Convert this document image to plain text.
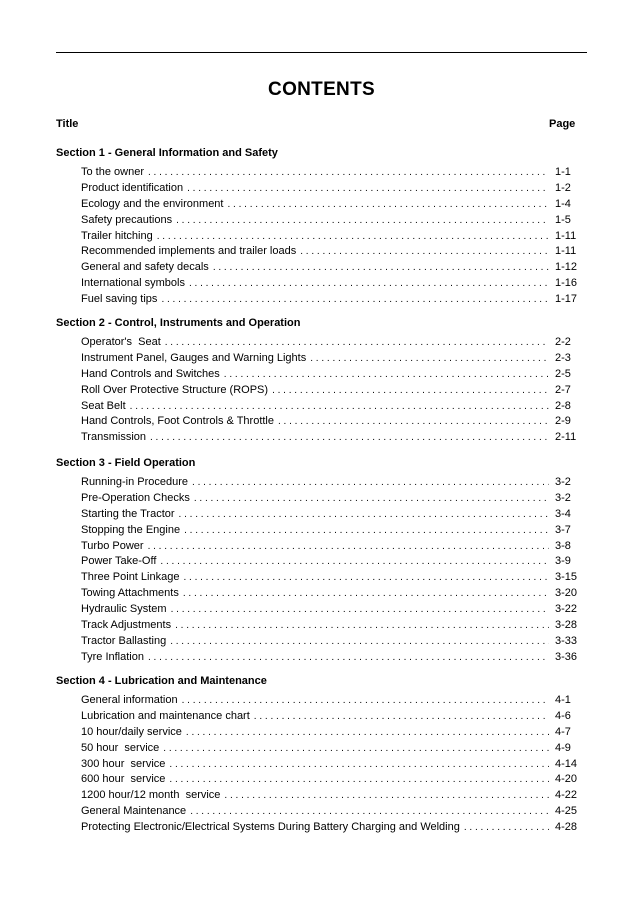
CONTENTS
Title	Page
Section 1 - General Information and Safety
To the owner . . .	1-1
Product identification . . .	1-2
Ecology and the environment . . .	1-4
Safety precautions . . .	1-5
Trailer hitching . . .	1-11
Recommended implements and trailer loads . . .	1-11
General and safety decals . . .	1-12
International symbols . . .	1-16
Fuel saving tips . . .	1-17
Section 2 - Control, Instruments and Operation
Operator's  Seat . . .	2-2
Instrument Panel, Gauges and Warning Lights . . .	2-3
Hand Controls and Switches . . .	2-5
Roll Over Protective Structure (ROPS) . . .	2-7
Seat Belt . . .	2-8
Hand Controls, Foot Controls & Throttle . . .	2-9
Transmission . . .	2-11
Section 3 - Field Operation
Running-in Procedure . . .	3-2
Pre-Operation Checks . . .	3-2
Starting the Tractor . . .	3-4
Stopping the Engine . . .	3-7
Turbo Power . . .	3-8
Power Take-Off . . .	3-9
Three Point Linkage . . .	3-15
Towing Attachments . . .	3-20
Hydraulic System . . .	3-22
Track Adjustments . . .	3-28
Tractor Ballasting . . .	3-33
Tyre Inflation . . .	3-36
Section 4 - Lubrication and Maintenance
General information . . .	4-1
Lubrication and maintenance chart . . .	4-6
10 hour/daily service . . .	4-7
50 hour  service . . .	4-9
300 hour  service . . .	4-14
600 hour  service . . .	4-20
1200 hour/12 month  service . . .	4-22
General Maintenance . . .	4-25
Protecting Electronic/Electrical Systems During Battery Charging and Welding . . .	4-28
